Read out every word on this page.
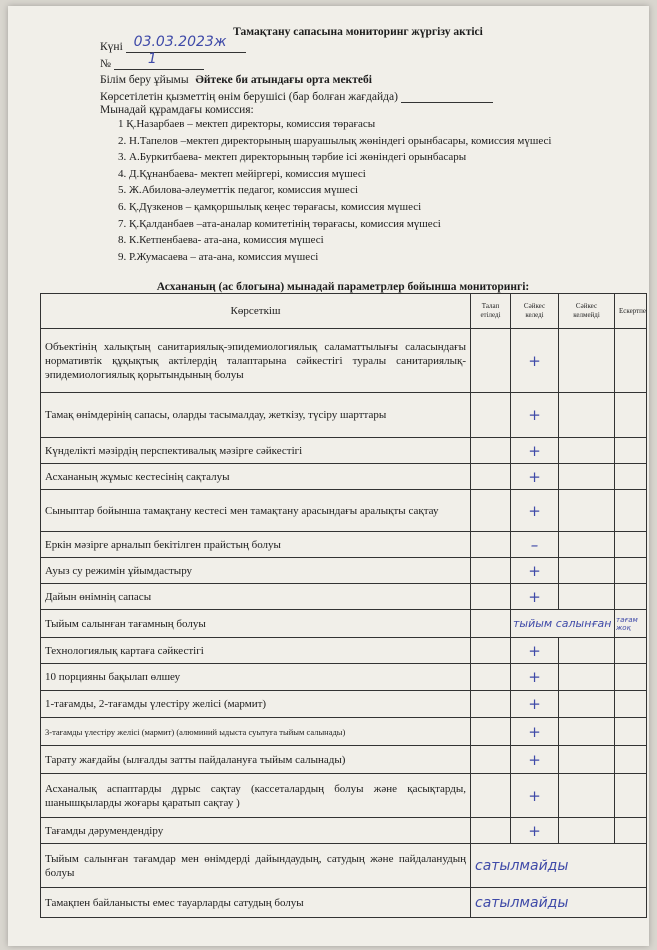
Тамақтану сапасына мониторинг жүргізу актісі
Күні 03.03.2023ж
№	1
Білім беру ұйымы Әйтеке би атындағы орта мектебі
Көрсетілетін қызметтің өнім берушісі (бар болған жағдайда)
Мынадай құрамдағы комиссия:
1 Қ.Назарбаев – мектеп директоры, комиссия төрағасы
2. Н.Тапелов –мектеп директорының шаруашылық жөніндегі орынбасары, комиссия мүшесі
3. А.Буркитбаева- мектеп директорының тәрбие ісі жөніндегі орынбасары
4. Д.Құнанбаева- мектеп мейіргері, комиссия мүшесі
5. Ж.Абилова-әлеуметтік педагог, комиссия мүшесі
6. Қ.Дүзкенов – қамқоршылық кеңес төрағасы, комиссия мүшесі
7. Қ.Қалданбаев –ата-аналар комитетінің төрағасы, комиссия мүшесі
8. К.Кетпенбаева- ата-ана, комиссия мүшесі
9. Р.Жумасаева – ата-ана, комиссия мүшесі
Асхананың (ас блогына) мынадай параметрлер бойынша мониторингі:
Көрсеткіш	Талап етіледі	Сәйкес келеді	Сәйкес келмейді	Ескертпе
Объектінің халықтың санитариялық-эпидемиологиялық саламаттылығы саласындағы нормативтік құқықтық актілердің талаптарына сәйкестігі туралы санитариялық-эпидемиологиялық қорытындының болуы		+		
Тамақ өнімдерінің сапасы, оларды тасымалдау, жеткізу, түсіру шарттары		+		
Күнделікті мәзірдің перспективалық мәзірге сәйкестігі		+		
Асхананың жұмыс кестесінің сақталуы		+		
Сыныптар бойынша тамақтану кестесі мен тамақтану арасындағы аралықты сақтау		+		
Еркін мәзірге арналып бекітілген прайстың болуы		–		
Ауыз су режимін ұйымдастыру		+		
Дайын өнімнің сапасы		+		
Тыйым салынған тағамның болуы		тыйым салынған		тағам жоқ
Технологиялық картаға сәйкестігі		+		
10 порцияны бақылап өлшеу		+		
1-тағамды, 2-тағамды үлестіру желісі (мармит)		+		
3-тағамды үлестіру желісі (мармит) (алюминий ыдыста суытуға тыйым салынады)		+		
Тарату жағдайы (ылғалды затты пайдалануға тыйым салынады)		+		
Асханалық аспаптарды дұрыс сақтау (кассеталардың болуы және қасықтарды, шанышқыларды жоғары қаратып сақтау )		+		
Тағамды дәрумендендіру		+		
Тыйым салынған тағамдар мен өнімдерді дайындаудың, сатудың және пайдаланудың болуы	сатылмайды			
Тамақпен байланысты емес тауарларды сатудың болуы	сатылмайды			
